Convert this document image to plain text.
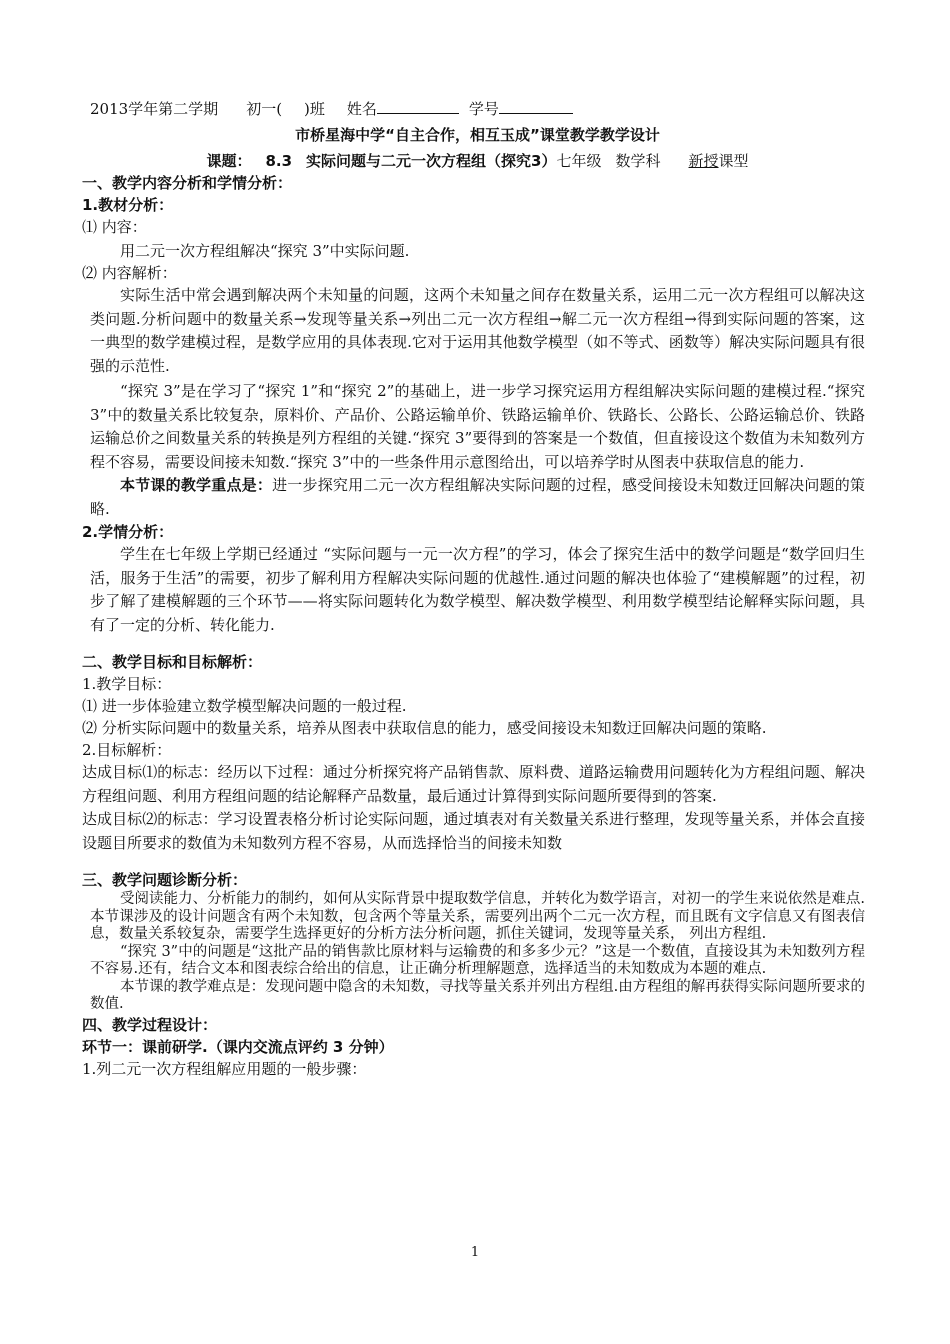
2013学年第二学期 初一( )班 姓名	学号
市桥星海中学“自主合作，相互玉成”课堂教学教学设计
课题： 8.3 实际问题与二元一次方程组（探究3）七年级 数学科 新授课型
一、教学内容分析和学情分析：
1.教材分析：
⑴ 内容：
用二元一次方程组解决“探究 3”中实际问题.
⑵ 内容解析：
实际生活中常会遇到解决两个未知量的问题，这两个未知量之间存在数量关系，运用二元一次方程组可以解决这类问题.分析问题中的数量关系→发现等量关系→列出二元一次方程组→解二元一次方程组→得到实际问题的答案，这一典型的数学建模过程，是数学应用的具体表现.它对于运用其他数学模型（如不等式、函数等）解决实际问题具有很强的示范性.
“探究 3”是在学习了“探究 1”和“探究 2”的基础上，进一步学习探究运用方程组解决实际问题的建模过程.“探究 3”中的数量关系比较复杂，原料价、产品价、公路运输单价、铁路运输单价、铁路长、公路长、公路运输总价、铁路运输总价之间数量关系的转换是列方程组的关键.“探究 3”要得到的答案是一个数值，但直接设这个数值为未知数列方程不容易，需要设间接未知数.“探究 3”中的一些条件用示意图给出，可以培养学时从图表中获取信息的能力.
本节课的教学重点是：进一步探究用二元一次方程组解决实际问题的过程，感受间接设未知数迂回解决问题的策略.
2.学情分析：
学生在七年级上学期已经通过 “实际问题与一元一次方程”的学习，体会了探究生活中的数学问题是“数学回归生活，服务于生活”的需要，初步了解利用方程解决实际问题的优越性.通过问题的解决也体验了“建模解题”的过程，初步了解了建模解题的三个环节——将实际问题转化为数学模型、解决数学模型、利用数学模型结论解释实际问题，具有了一定的分析、转化能力.
二、教学目标和目标解析：
1.教学目标：
⑴ 进一步体验建立数学模型解决问题的一般过程.
⑵ 分析实际问题中的数量关系，培养从图表中获取信息的能力，感受间接设未知数迂回解决问题的策略.
2.目标解析：
达成目标⑴的标志：经历以下过程：通过分析探究将产品销售款、原料费、道路运输费用问题转化为方程组问题、解决方程组问题、利用方程组问题的结论解释产品数量，最后通过计算得到实际问题所要得到的答案.
达成目标⑵的标志：学习设置表格分析讨论实际问题，通过填表对有关数量关系进行整理，发现等量关系，并体会直接设题目所要求的数值为未知数列方程不容易，从而选择恰当的间接未知数
三、教学问题诊断分析：
受阅读能力、分析能力的制约，如何从实际背景中提取数学信息，并转化为数学语言，对初一的学生来说依然是难点.本节课涉及的设计问题含有两个未知数，包含两个等量关系，需要列出两个二元一次方程，而且既有文字信息又有图表信息，数量关系较复杂，需要学生选择更好的分析方法分析问题，抓住关键词，发现等量关系， 列出方程组.
“探究 3”中的问题是“这批产品的销售款比原材料与运输费的和多多少元？”这是一个数值，直接设其为未知数列方程不容易.还有，结合文本和图表综合给出的信息，让正确分析理解题意，选择适当的未知数成为本题的难点.
本节课的教学难点是：发现问题中隐含的未知数，寻找等量关系并列出方程组.由方程组的解再获得实际问题所要求的数值.
四、教学过程设计：
环节一：课前研学.（课内交流点评约 3 分钟）
1.列二元一次方程组解应用题的一般步骤：
1
